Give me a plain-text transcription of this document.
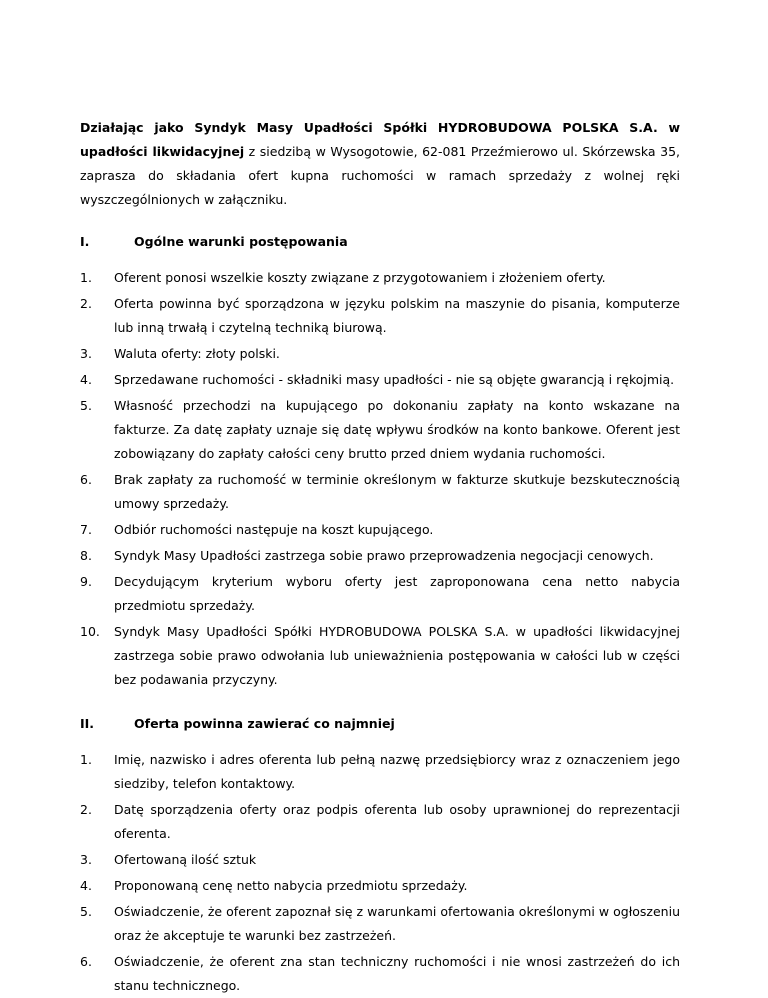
Działając jako Syndyk Masy Upadłości Spółki HYDROBUDOWA POLSKA S.A. w upadłości likwidacyjnej z siedzibą w Wysogotowie, 62-081 Przeźmierowo ul. Skórzewska 35, zaprasza do składania ofert kupna ruchomości w ramach sprzedaży z wolnej ręki wyszczególnionych w załączniku.

I.	Ogólne warunki postępowania
1.	Oferent ponosi wszelkie koszty związane z przygotowaniem i złożeniem oferty.
2.	Oferta powinna być sporządzona w języku polskim na maszynie do pisania, komputerze lub inną trwałą i czytelną techniką biurową.
3.	Waluta oferty: złoty polski.
4.	Sprzedawane ruchomości - składniki masy upadłości - nie są objęte gwarancją i rękojmią.
5.	Własność przechodzi na kupującego po dokonaniu zapłaty na konto wskazane na fakturze. Za datę zapłaty uznaje się datę wpływu środków na konto bankowe. Oferent jest zobowiązany do zapłaty całości ceny brutto przed dniem wydania ruchomości.
6.	Brak zapłaty za ruchomość w terminie określonym w fakturze skutkuje bezskutecznością umowy sprzedaży.
7.	Odbiór ruchomości następuje na koszt kupującego.
8.	Syndyk Masy Upadłości zastrzega sobie prawo przeprowadzenia negocjacji cenowych.
9.	Decydującym kryterium wyboru oferty jest zaproponowana cena netto nabycia przedmiotu sprzedaży.
10.	Syndyk Masy Upadłości Spółki HYDROBUDOWA POLSKA S.A. w upadłości likwidacyjnej zastrzega sobie prawo odwołania lub unieważnienia postępowania w całości lub w części bez podawania przyczyny.
II.	Oferta powinna zawierać co najmniej
1.	Imię, nazwisko i adres oferenta lub pełną nazwę przedsiębiorcy wraz z oznaczeniem jego siedziby, telefon kontaktowy.
2.	Datę sporządzenia oferty oraz podpis oferenta lub osoby uprawnionej do reprezentacji oferenta.
3.	Ofertowaną ilość sztuk
4.	Proponowaną cenę netto nabycia przedmiotu sprzedaży.
5.	Oświadczenie, że oferent zapoznał się z warunkami ofertowania określonymi w ogłoszeniu oraz że akceptuje te warunki bez zastrzeżeń.
6.	Oświadczenie, że oferent zna stan techniczny ruchomości i nie wnosi zastrzeżeń do ich stanu technicznego.
